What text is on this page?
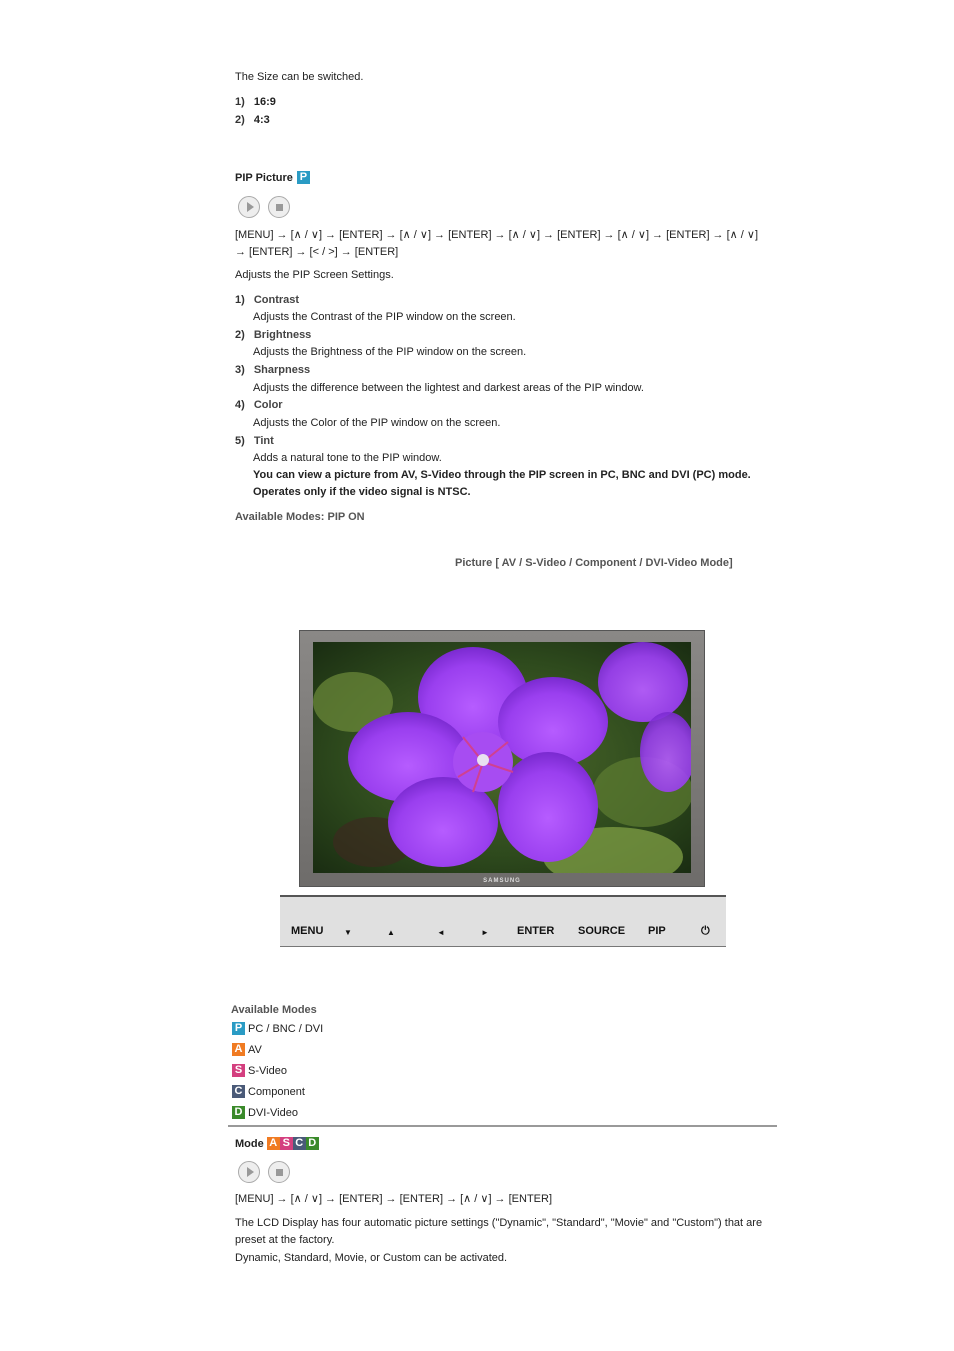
The Size can be switched.
1) 16:9
2) 4:3
PIP Picture P
[MENU] → [∧ / ∨] → [ENTER] → [∧ / ∨] → [ENTER] → [∧ / ∨] → [ENTER] → [∧ / ∨] → [ENTER] → [∧ / ∨] → [ENTER] → [< / >] → [ENTER]
Adjusts the PIP Screen Settings.
1) Contrast
Adjusts the Contrast of the PIP window on the screen.
2) Brightness
Adjusts the Brightness of the PIP window on the screen.
3) Sharpness
Adjusts the difference between the lightest and darkest areas of the PIP window.
4) Color
Adjusts the Color of the PIP window on the screen.
5) Tint
Adds a natural tone to the PIP window.
You can view a picture from AV, S-Video through the PIP screen in PC, BNC and DVI (PC) mode.
Operates only if the video signal is NTSC.
Available Modes: PIP ON
Picture [ AV / S-Video / Component / DVI-Video Mode]
SAMSUNG
MENU	▼	▲	◄	►	ENTER SOURCE PIP	⏻
Available Modes
P PC / BNC / DVI
A AV
S S-Video
C Component
D DVI-Video
Mode A S C D
[MENU] → [∧ / ∨] → [ENTER] → [ENTER] → [∧ / ∨] → [ENTER]
The LCD Display has four automatic picture settings ("Dynamic", "Standard", "Movie" and "Custom") that are
preset at the factory.
Dynamic, Standard, Movie, or Custom can be activated.
